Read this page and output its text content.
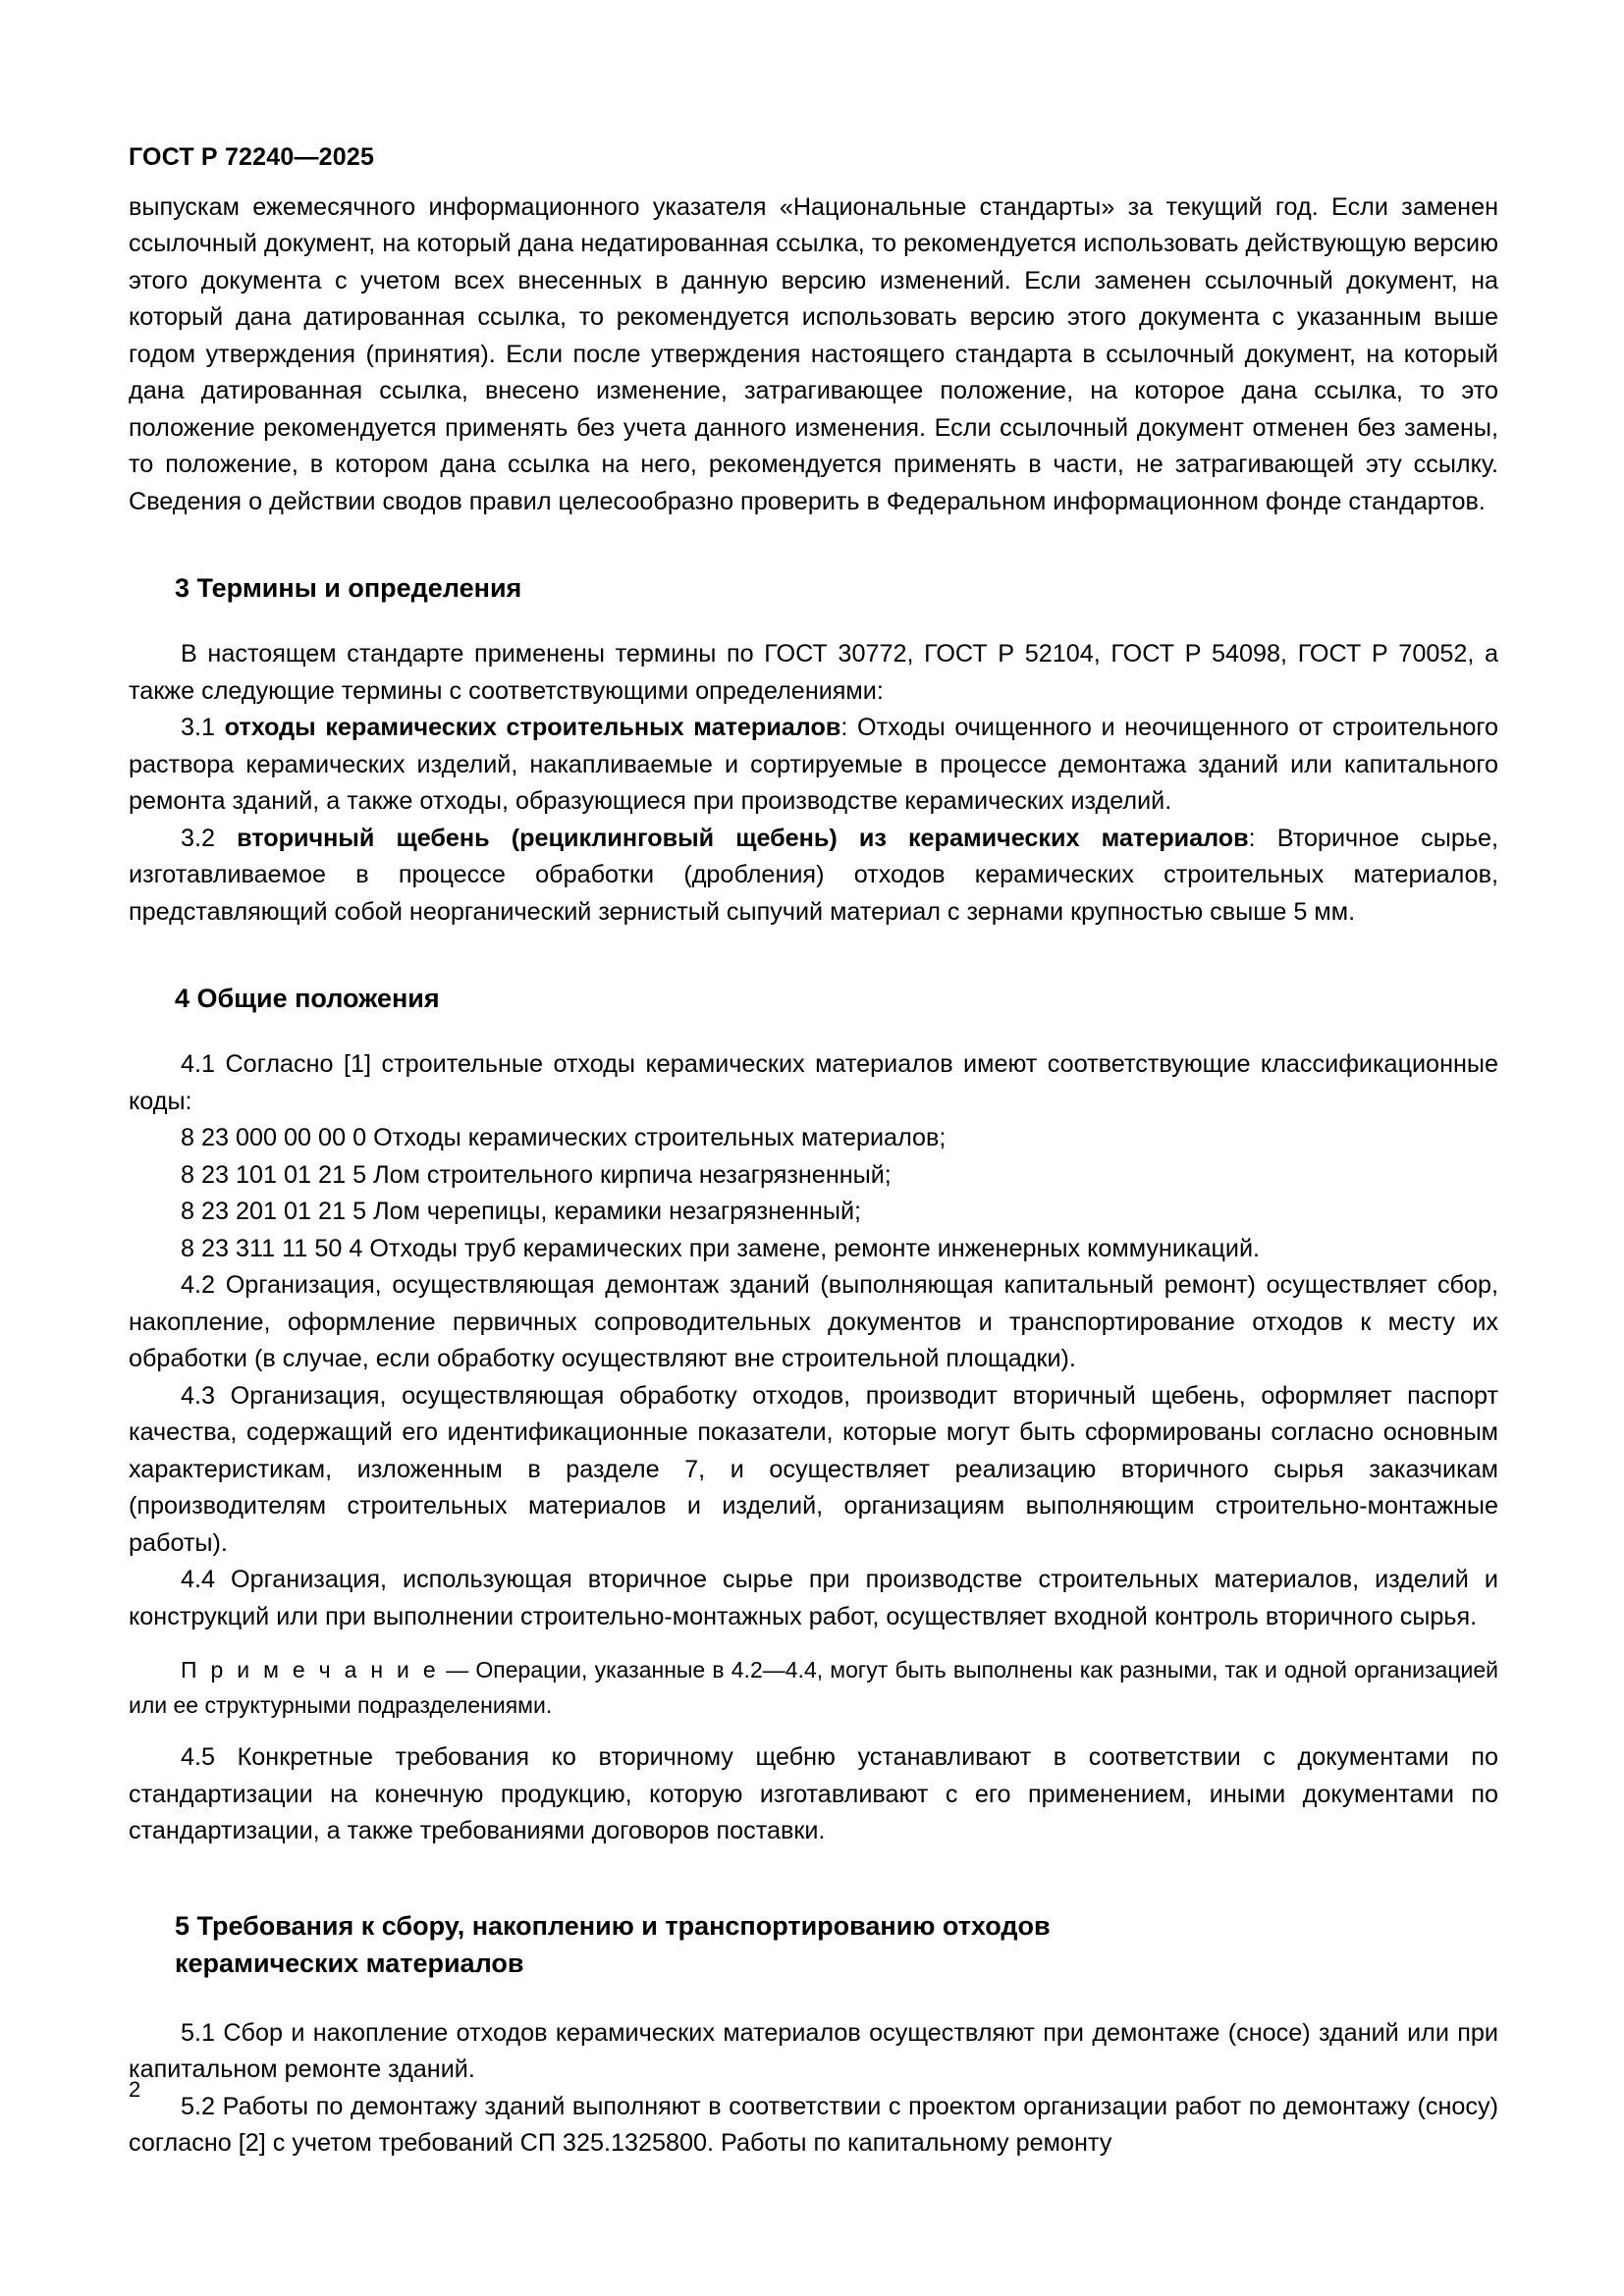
ГОСТ Р 72240—2025

выпускам ежемесячного информационного указателя «Национальные стандарты» за текущий год. Если заменен ссылочный документ, на который дана недатированная ссылка, то рекомендуется использовать действующую версию этого документа с учетом всех внесенных в данную версию изменений. Если заменен ссылочный документ, на который дана датированная ссылка, то рекомендуется использовать версию этого документа с указанным выше годом утверждения (принятия). Если после утверждения настоящего стандарта в ссылочный документ, на который дана датированная ссылка, внесено изменение, затрагивающее положение, на которое дана ссылка, то это положение рекомендуется применять без учета данного изменения. Если ссылочный документ отменен без замены, то положение, в котором дана ссылка на него, рекомендуется применять в части, не затрагивающей эту ссылку. Сведения о действии сводов правил целесообразно проверить в Федеральном информационном фонде стандартов.

3 Термины и определения

В настоящем стандарте применены термины по ГОСТ 30772, ГОСТ Р 52104, ГОСТ Р 54098, ГОСТ Р 70052, а также следующие термины с соответствующими определениями:

3.1 отходы керамических строительных материалов: Отходы очищенного и неочищенного от строительного раствора керамических изделий, накапливаемые и сортируемые в процессе демонтажа зданий или капитального ремонта зданий, а также отходы, образующиеся при производстве керамических изделий.

3.2 вторичный щебень (рециклинговый щебень) из керамических материалов: Вторичное сырье, изготавливаемое в процессе обработки (дробления) отходов керамических строительных материалов, представляющий собой неорганический зернистый сыпучий материал с зернами крупностью свыше 5 мм.

4 Общие положения

4.1 Согласно [1] строительные отходы керамических материалов имеют соответствующие классификационные коды:

8 23 000 00 00 0 Отходы керамических строительных материалов;

8 23 101 01 21 5 Лом строительного кирпича незагрязненный;

8 23 201 01 21 5 Лом черепицы, керамики незагрязненный;

8 23 311 11 50 4 Отходы труб керамических при замене, ремонте инженерных коммуникаций.

4.2 Организация, осуществляющая демонтаж зданий (выполняющая капитальный ремонт) осуществляет сбор, накопление, оформление первичных сопроводительных документов и транспортирование отходов к месту их обработки (в случае, если обработку осуществляют вне строительной площадки).

4.3 Организация, осуществляющая обработку отходов, производит вторичный щебень, оформляет паспорт качества, содержащий его идентификационные показатели, которые могут быть сформированы согласно основным характеристикам, изложенным в разделе 7, и осуществляет реализацию вторичного сырья заказчикам (производителям строительных материалов и изделий, организациям выполняющим строительно-монтажные работы).

4.4 Организация, использующая вторичное сырье при производстве строительных материалов, изделий и конструкций или при выполнении строительно-монтажных работ, осуществляет входной контроль вторичного сырья.

П р и м е ч а н и е — Операции, указанные в 4.2—4.4, могут быть выполнены как разными, так и одной организацией или ее структурными подразделениями.

4.5 Конкретные требования ко вторичному щебню устанавливают в соответствии с документами по стандартизации на конечную продукцию, которую изготавливают с его применением, иными документами по стандартизации, а также требованиями договоров поставки.

5 Требования к сбору, накоплению и транспортированию отходов
керамических материалов

5.1 Сбор и накопление отходов керамических материалов осуществляют при демонтаже (сносе) зданий или при капитальном ремонте зданий.

5.2 Работы по демонтажу зданий выполняют в соответствии с проектом организации работ по демонтажу (сносу) согласно [2] с учетом требований СП 325.1325800. Работы по капитальному ремонту

2
